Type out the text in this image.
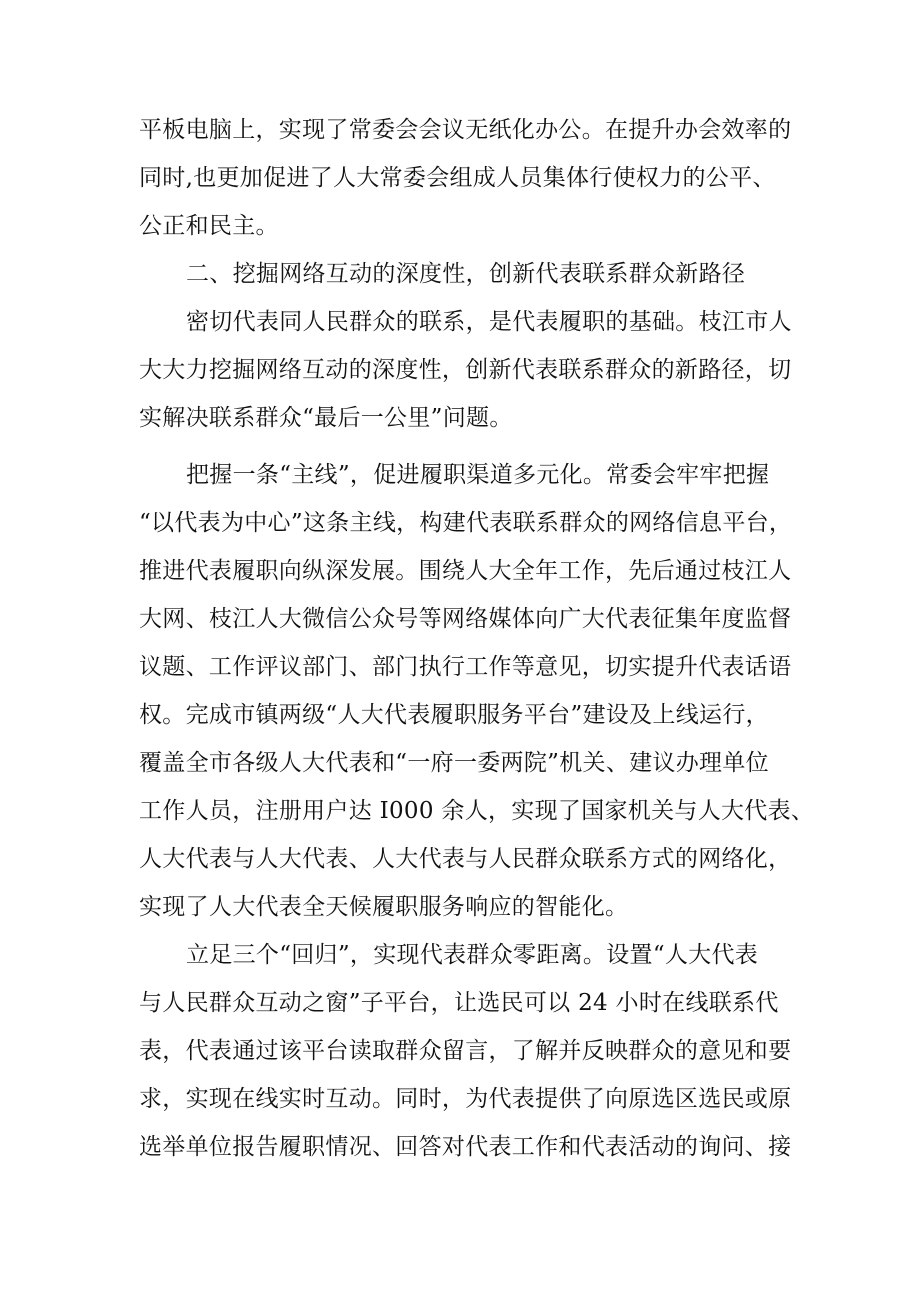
平板电脑上，实现了常委会会议无纸化办公。在提升办会效率的
同时,也更加促进了人大常委会组成人员集体行使权力的公平、
公正和民主。
二、挖掘网络互动的深度性，创新代表联系群众新路径
密切代表同人民群众的联系，是代表履职的基础。枝江市人
大大力挖掘网络互动的深度性，创新代表联系群众的新路径，切
实解决联系群众“最后一公里”问题。
把握一条“主线”，促进履职渠道多元化。常委会牢牢把握
“以代表为中心”这条主线，构建代表联系群众的网络信息平台，
推进代表履职向纵深发展。围绕人大全年工作，先后通过枝江人
大网、枝江人大微信公众号等网络媒体向广大代表征集年度监督
议题、工作评议部门、部门执行工作等意见，切实提升代表话语
权。完成市镇两级“人大代表履职服务平台”建设及上线运行，
覆盖全市各级人大代表和“一府一委两院”机关、建议办理单位
工作人员，注册用户达 I000 余人，实现了国家机关与人大代表、
人大代表与人大代表、人大代表与人民群众联系方式的网络化，
实现了人大代表全天候履职服务响应的智能化。
立足三个“回归”，实现代表群众零距离。设置“人大代表
与人民群众互动之窗”子平台，让选民可以 24 小时在线联系代
表，代表通过该平台读取群众留言，了解并反映群众的意见和要
求，实现在线实时互动。同时，为代表提供了向原选区选民或原
选举单位报告履职情况、回答对代表工作和代表活动的询问、接
